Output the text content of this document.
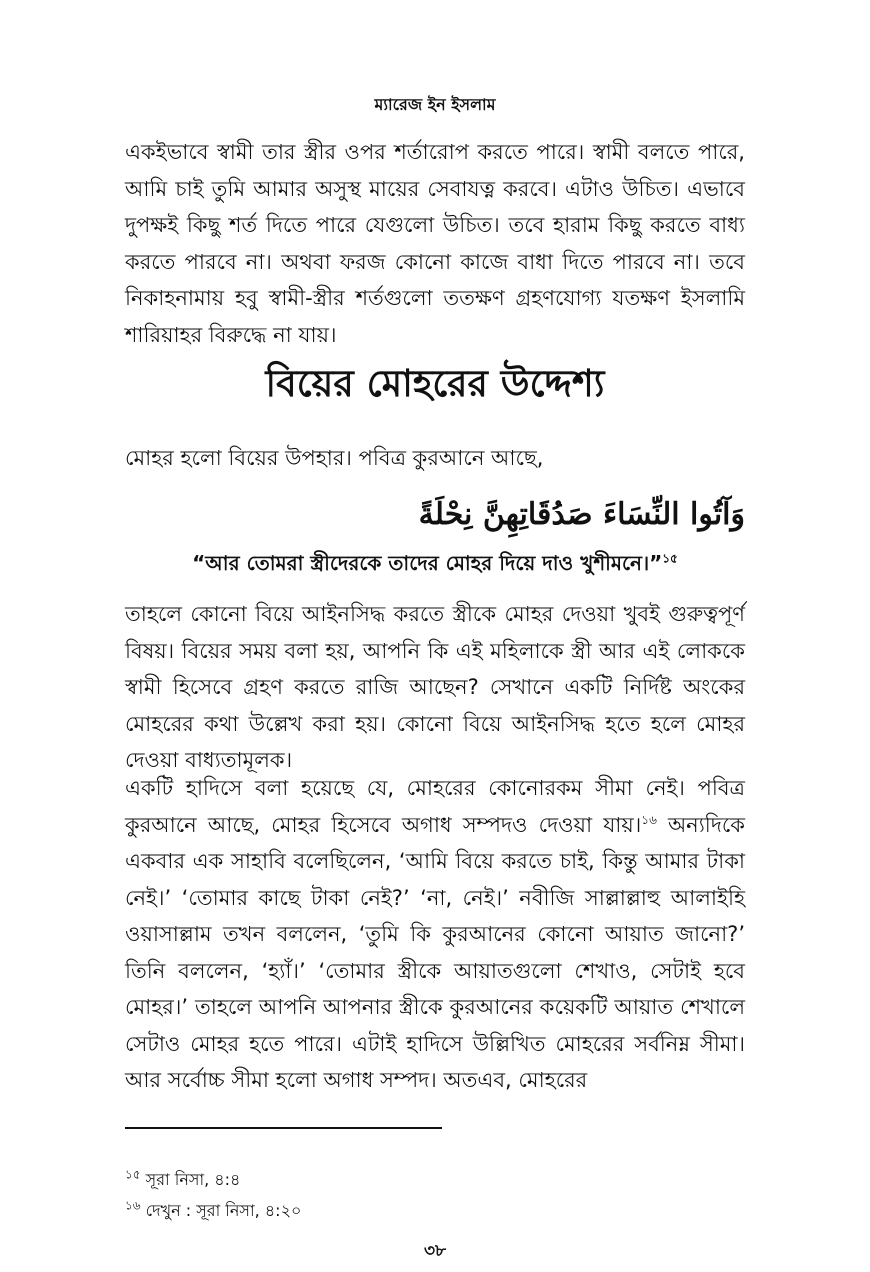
ম্যারেজ ইন ইসলাম
একইভাবে স্বামী তার স্ত্রীর ওপর শর্তারোপ করতে পারে। স্বামী বলতে পারে, আমি চাই তুমি আমার অসুস্থ মায়ের সেবাযত্ন করবে। এটাও উচিত। এভাবে দুপক্ষই কিছু শর্ত দিতে পারে যেগুলো উচিত। তবে হারাম কিছু করতে বাধ্য করতে পারবে না। অথবা ফরজ কোনো কাজে বাধা দিতে পারবে না। তবে নিকাহনামায় হবু স্বামী-স্ত্রীর শর্তগুলো ততক্ষণ গ্রহণযোগ্য যতক্ষণ ইসলামি শারিয়াহর বিরুদ্ধে না যায়।
বিয়ের মোহরের উদ্দেশ্য
মোহর হলো বিয়ের উপহার। পবিত্র কুরআনে আছে,
وَآتُوا النِّسَاءَ صَدُقَاتِهِنَّ نِحْلَةً
“আর তোমরা স্ত্রীদেরকে তাদের মোহর দিয়ে দাও খুশীমনে।”$^{১৫}$
তাহলে কোনো বিয়ে আইনসিদ্ধ করতে স্ত্রীকে মোহর দেওয়া খুবই গুরুত্বপূর্ণ বিষয়। বিয়ের সময় বলা হয়, আপনি কি এই মহিলাকে স্ত্রী আর এই লোককে স্বামী হিসেবে গ্রহণ করতে রাজি আছেন? সেখানে একটি নির্দিষ্ট অংকের মোহরের কথা উল্লেখ করা হয়। কোনো বিয়ে আইনসিদ্ধ হতে হলে মোহর দেওয়া বাধ্যতামূলক।
একটি হাদিসে বলা হয়েছে যে, মোহরের কোনোরকম সীমা নেই। পবিত্র কুরআনে আছে, মোহর হিসেবে অগাধ সম্পদও দেওয়া যায়।$^{১৬}$ অন্যদিকে একবার এক সাহাবি বলেছিলেন, ‘আমি বিয়ে করতে চাই, কিন্তু আমার টাকা নেই।’ ‘তোমার কাছে টাকা নেই?’ ‘না, নেই।’ নবীজি সাল্লাল্লাহু আলাইহি ওয়াসাল্লাম তখন বললেন, ‘তুমি কি কুরআনের কোনো আয়াত জানো?’ তিনি বললেন, ‘হ্যাঁ।’ ‘তোমার স্ত্রীকে আয়াতগুলো শেখাও, সেটাই হবে মোহর।’ তাহলে আপনি আপনার স্ত্রীকে কুরআনের কয়েকটি আয়াত শেখালে সেটাও মোহর হতে পারে। এটাই হাদিসে উল্লিখিত মোহরের সর্বনিম্ন সীমা। আর সর্বোচ্চ সীমা হলো অগাধ সম্পদ। অতএব, মোহরের
$^{১৫}$ সূরা নিসা, ৪:৪
$^{১৬}$ দেখুন : সূরা নিসা, ৪:২০
৩৮
